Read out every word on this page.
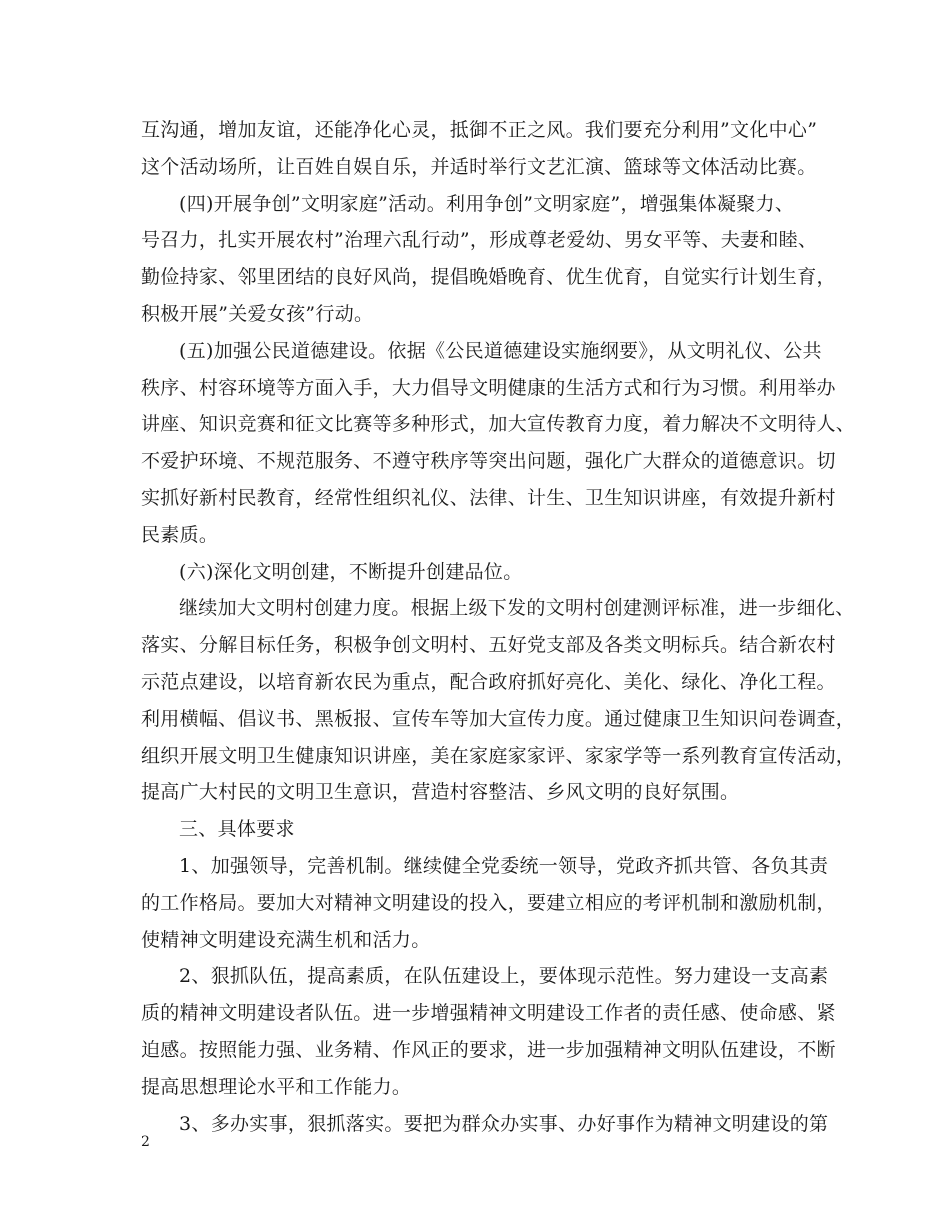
互沟通，增加友谊，还能净化心灵，抵御不正之风。我们要充分利用”文化中心”
这个活动场所，让百姓自娱自乐，并适时举行文艺汇演、篮球等文体活动比赛。
(四)开展争创”文明家庭”活动。利用争创”文明家庭”，增强集体凝聚力、
号召力，扎实开展农村”治理六乱行动”，形成尊老爱幼、男女平等、夫妻和睦、
勤俭持家、邻里团结的良好风尚，提倡晚婚晚育、优生优育，自觉实行计划生育，
积极开展”关爱女孩”行动。
(五)加强公民道德建设。依据《公民道德建设实施纲要》，从文明礼仪、公共
秩序、村容环境等方面入手，大力倡导文明健康的生活方式和行为习惯。利用举办
讲座、知识竞赛和征文比赛等多种形式，加大宣传教育力度，着力解决不文明待人、
不爱护环境、不规范服务、不遵守秩序等突出问题，强化广大群众的道德意识。切
实抓好新村民教育，经常性组织礼仪、法律、计生、卫生知识讲座，有效提升新村
民素质。
(六)深化文明创建，不断提升创建品位。
继续加大文明村创建力度。根据上级下发的文明村创建测评标准，进一步细化、
落实、分解目标任务，积极争创文明村、五好党支部及各类文明标兵。结合新农村
示范点建设，以培育新农民为重点，配合政府抓好亮化、美化、绿化、净化工程。
利用横幅、倡议书、黑板报、宣传车等加大宣传力度。通过健康卫生知识问卷调查，
组织开展文明卫生健康知识讲座，美在家庭家家评、家家学等一系列教育宣传活动，
提高广大村民的文明卫生意识，营造村容整洁、乡风文明的良好氛围。
三、具体要求
1、加强领导，完善机制。继续健全党委统一领导，党政齐抓共管、各负其责
的工作格局。要加大对精神文明建设的投入，要建立相应的考评机制和激励机制，
使精神文明建设充满生机和活力。
2、狠抓队伍，提高素质，在队伍建设上，要体现示范性。努力建设一支高素
质的精神文明建设者队伍。进一步增强精神文明建设工作者的责任感、使命感、紧
迫感。按照能力强、业务精、作风正的要求，进一步加强精神文明队伍建设，不断
提高思想理论水平和工作能力。
3、多办实事，狠抓落实。要把为群众办实事、办好事作为精神文明建设的第
2
